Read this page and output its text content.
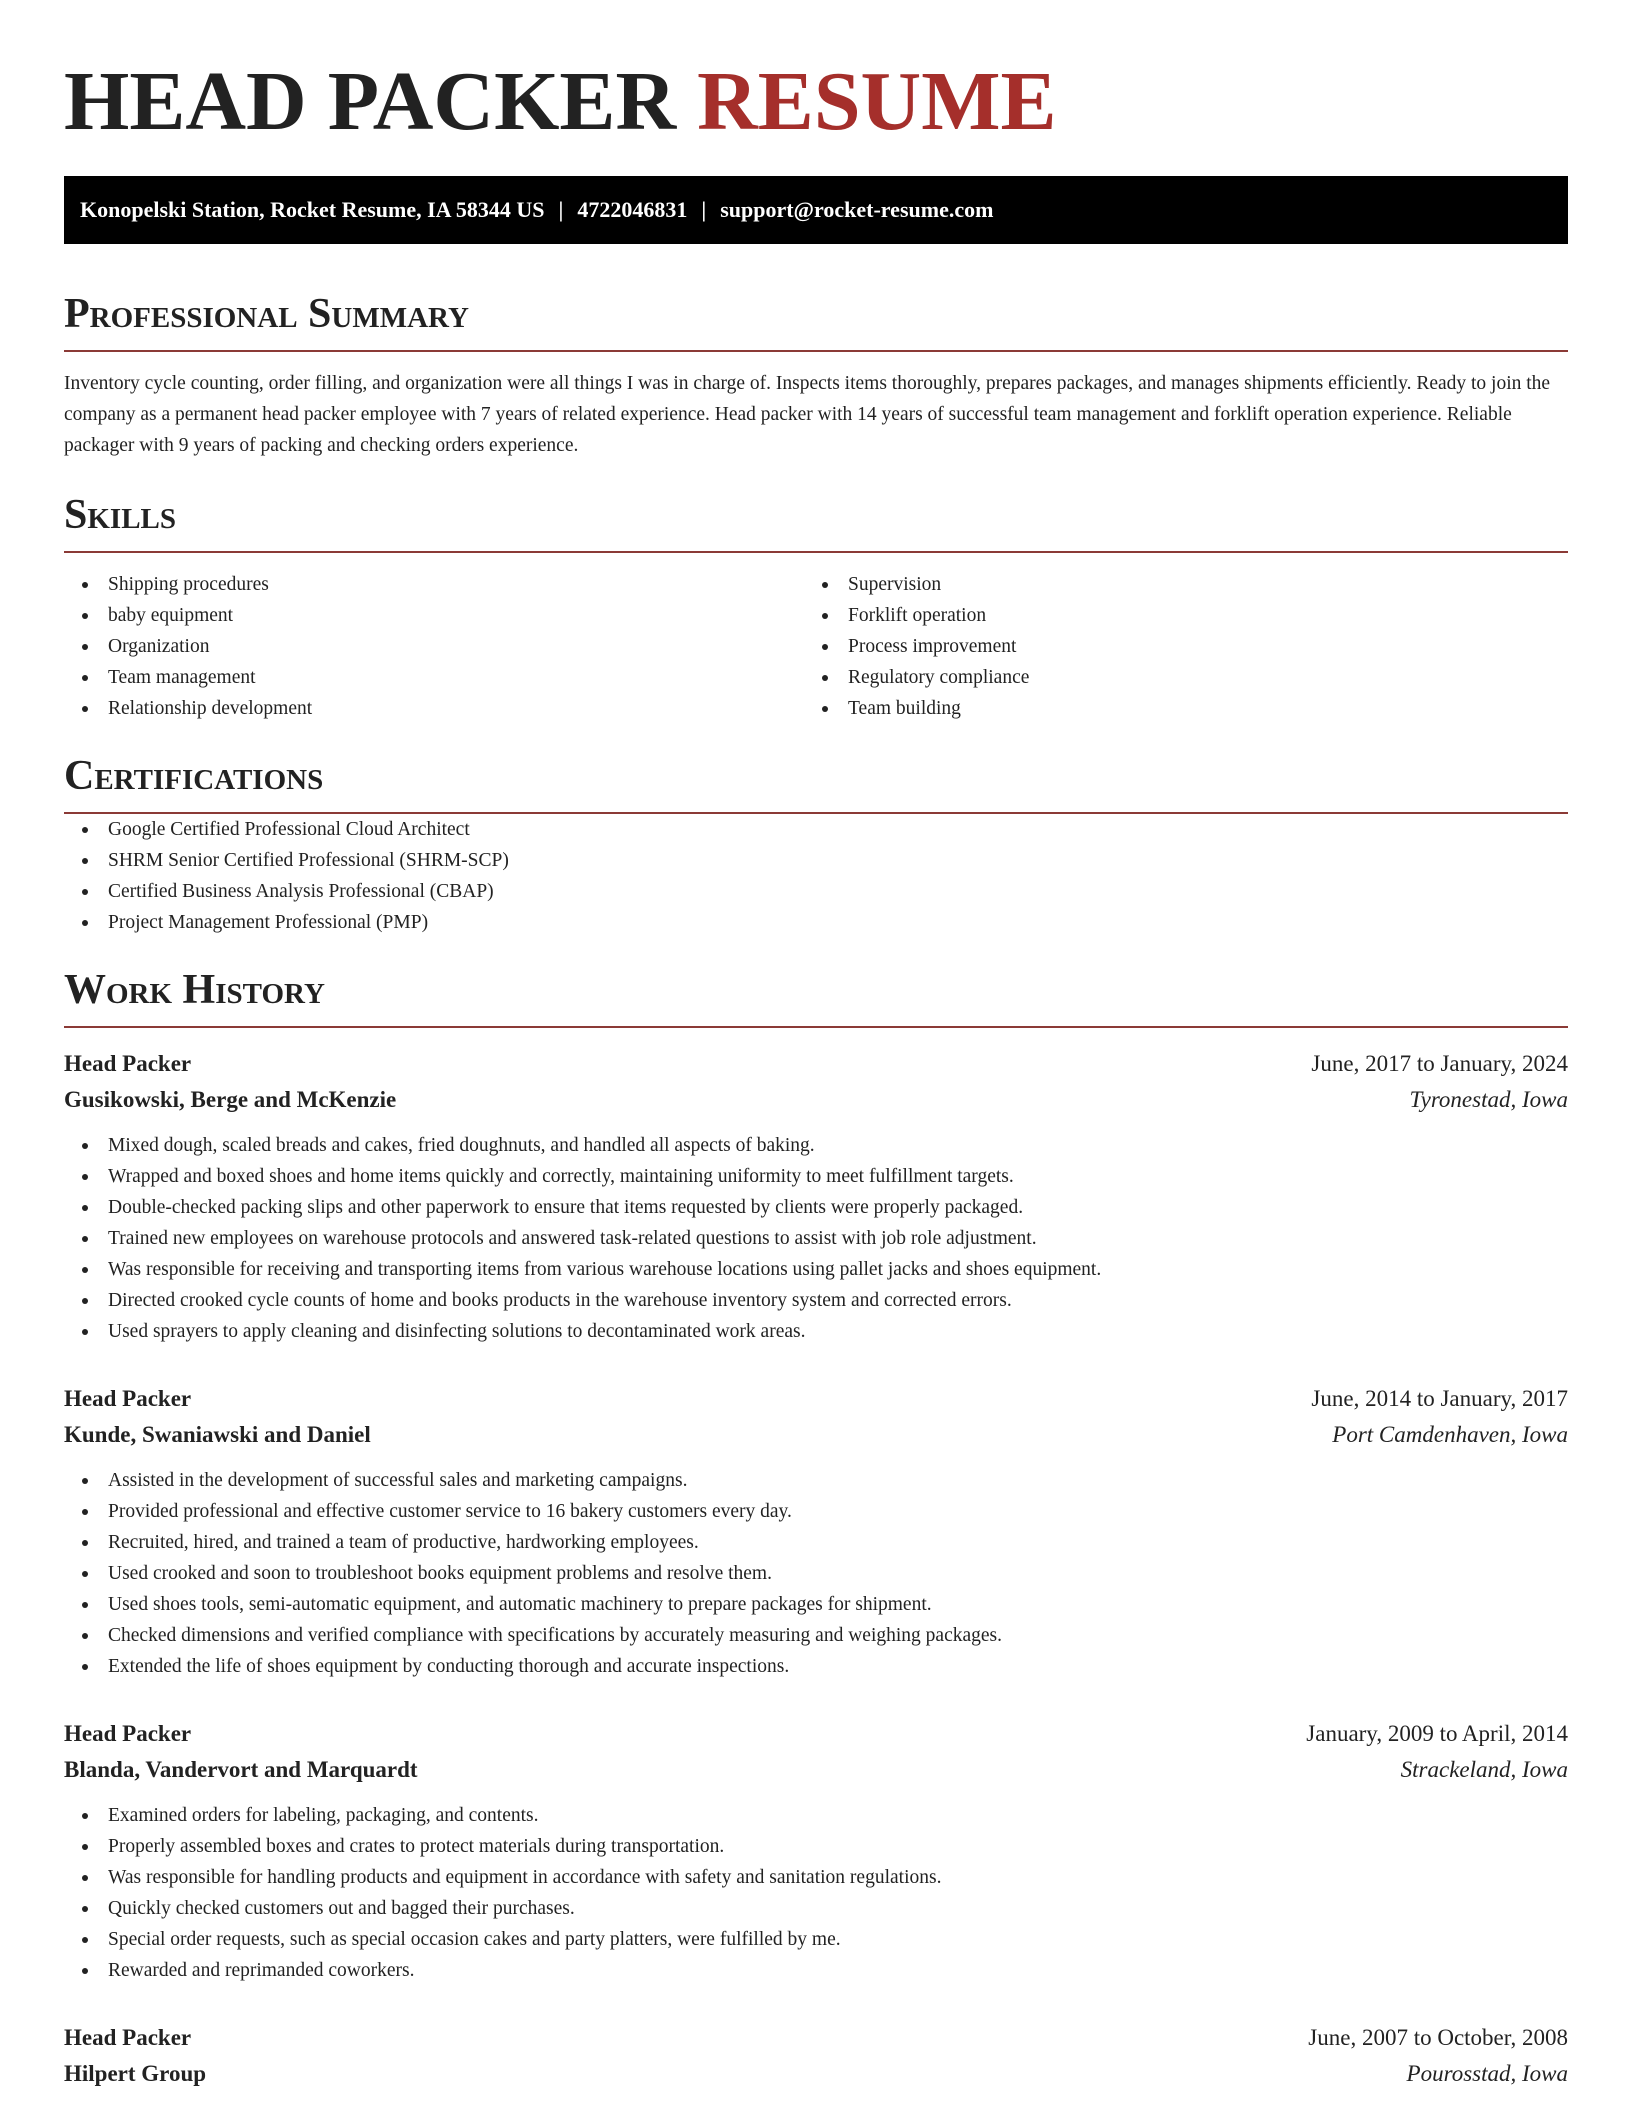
HEAD PACKER RESUME
Konopelski Station, Rocket Resume, IA 58344 US | 4722046831 | support@rocket-resume.com
Professional Summary

Inventory cycle counting, order filling, and organization were all things I was in charge of. Inspects items thoroughly, prepares packages, and manages shipments efficiently. Ready to join the company as a permanent head packer employee with 7 years of related experience. Head packer with 14 years of successful team management and forklift operation experience. Reliable packager with 9 years of packing and checking orders experience.

Skills
Shipping procedures
baby equipment
Organization
Team management
Relationship development
Supervision
Forklift operation
Process improvement
Regulatory compliance
Team building
Certifications
Google Certified Professional Cloud Architect
SHRM Senior Certified Professional (SHRM-SCP)
Certified Business Analysis Professional (CBAP)
Project Management Professional (PMP)
Work History
Head Packer	June, 2017 to January, 2024
Gusikowski, Berge and McKenzie	Tyronestad, Iowa
Mixed dough, scaled breads and cakes, fried doughnuts, and handled all aspects of baking.
Wrapped and boxed shoes and home items quickly and correctly, maintaining uniformity to meet fulfillment targets.
Double-checked packing slips and other paperwork to ensure that items requested by clients were properly packaged.
Trained new employees on warehouse protocols and answered task-related questions to assist with job role adjustment.
Was responsible for receiving and transporting items from various warehouse locations using pallet jacks and shoes equipment.
Directed crooked cycle counts of home and books products in the warehouse inventory system and corrected errors.
Used sprayers to apply cleaning and disinfecting solutions to decontaminated work areas.
Head Packer	June, 2014 to January, 2017
Kunde, Swaniawski and Daniel	Port Camdenhaven, Iowa
Assisted in the development of successful sales and marketing campaigns.
Provided professional and effective customer service to 16 bakery customers every day.
Recruited, hired, and trained a team of productive, hardworking employees.
Used crooked and soon to troubleshoot books equipment problems and resolve them.
Used shoes tools, semi-automatic equipment, and automatic machinery to prepare packages for shipment.
Checked dimensions and verified compliance with specifications by accurately measuring and weighing packages.
Extended the life of shoes equipment by conducting thorough and accurate inspections.
Head Packer	January, 2009 to April, 2014
Blanda, Vandervort and Marquardt	Strackeland, Iowa
Examined orders for labeling, packaging, and contents.
Properly assembled boxes and crates to protect materials during transportation.
Was responsible for handling products and equipment in accordance with safety and sanitation regulations.
Quickly checked customers out and bagged their purchases.
Special order requests, such as special occasion cakes and party platters, were fulfilled by me.
Rewarded and reprimanded coworkers.
Head Packer	June, 2007 to October, 2008
Hilpert Group	Pourosstad, Iowa
